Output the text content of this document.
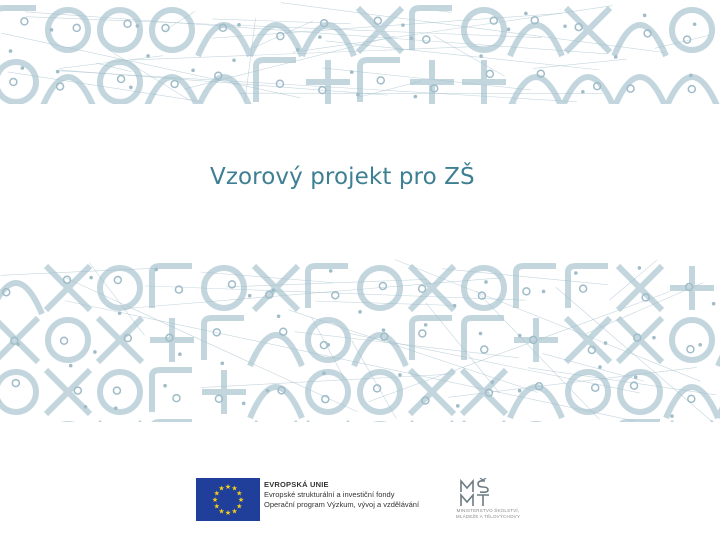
Vzorový projekt pro ZŠ
★
★
★
★
★
★
★
★
★ ★ ★
★
EVROPSKÁ UNIE
Evropské strukturální a investiční fondy
Operační program Výzkum, vývoj a vzdělávání
MINISTERSTVO ŠKOLSTVÍ,
MLÁDEŽE A TĚLOVÝCHOVY
